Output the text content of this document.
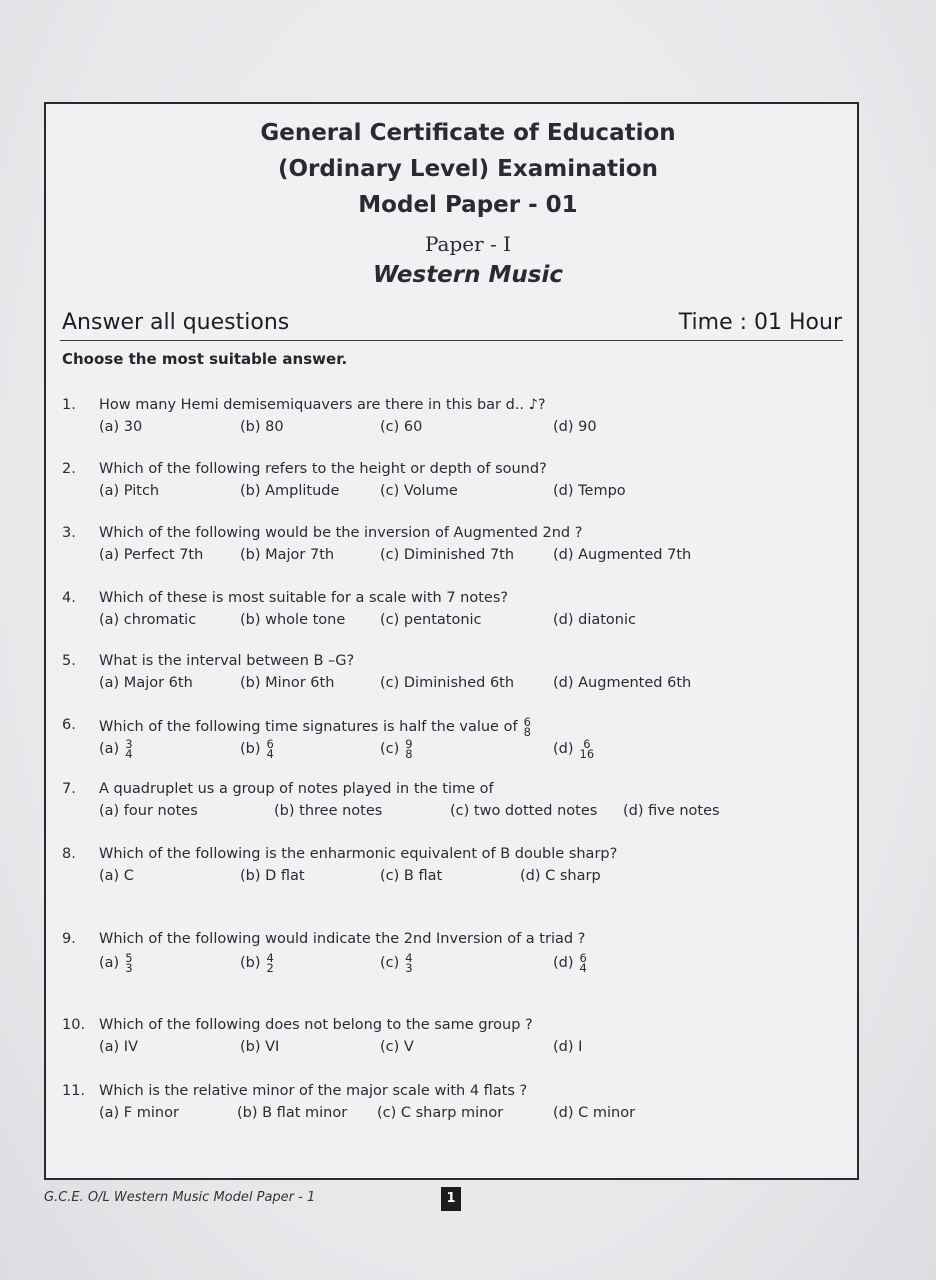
General Certificate of Education
(Ordinary Level) Examination
Model Paper - 01
Paper - I
Western Music
Answer all questions	Time : 01 Hour
Choose the most suitable answer.
1. How many Hemi demisemiquavers are there in this bar d.. ♪?
(a) 30	(b) 80	(c) 60	(d) 90
2. Which of the following refers to the height or depth of sound?
(a) Pitch	(b) Amplitude	(c) Volume	(d) Tempo
3. Which of the following would be the inversion of Augmented 2nd ?
(a) Perfect 7th	(b) Major 7th	(c) Diminished 7th	(d) Augmented 7th
4. Which of these is most suitable for a scale with 7 notes?
(a) chromatic	(b) whole tone (c) pentatonic	(d) diatonic
5. What is the interval between B –G?
(a) Major 6th	(b) Minor 6th	(c) Diminished 6th	(d) Augmented 6th
6. Which of the following time signatures is half the value of 6
8
(a) 3
4	(b) 6
4	(c) 9
8	(d) 6
16
7. A quadruplet us a group of notes played in the time of
(a) four notes	(b) three notes	(c) two dotted notes (d) five notes
8. Which of the following is the enharmonic equivalent of B double sharp?
(a) C	(b) D flat	(c) B flat	(d) C sharp
9. Which of the following would indicate the 2nd Inversion of a triad ?
(a) 5
3	(b) 4
2	(c) 4
3	(d) 6
4
10. Which of the following does not belong to the same group ?
(a) IV	(b) VI	(c) V	(d) I
11. Which is the relative minor of the major scale with 4 flats ?
(a) F minor	(b) B flat minor (c) C sharp minor	(d) C minor
G.C.E. O/L Western Music Model Paper - 1	1
